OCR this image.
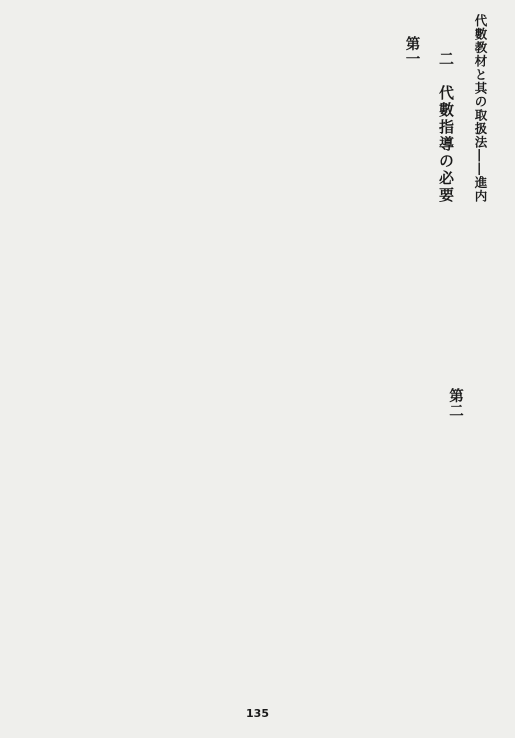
代數教材と其の取扱法――進内
二　代數指導の必要

第一

第二

135
